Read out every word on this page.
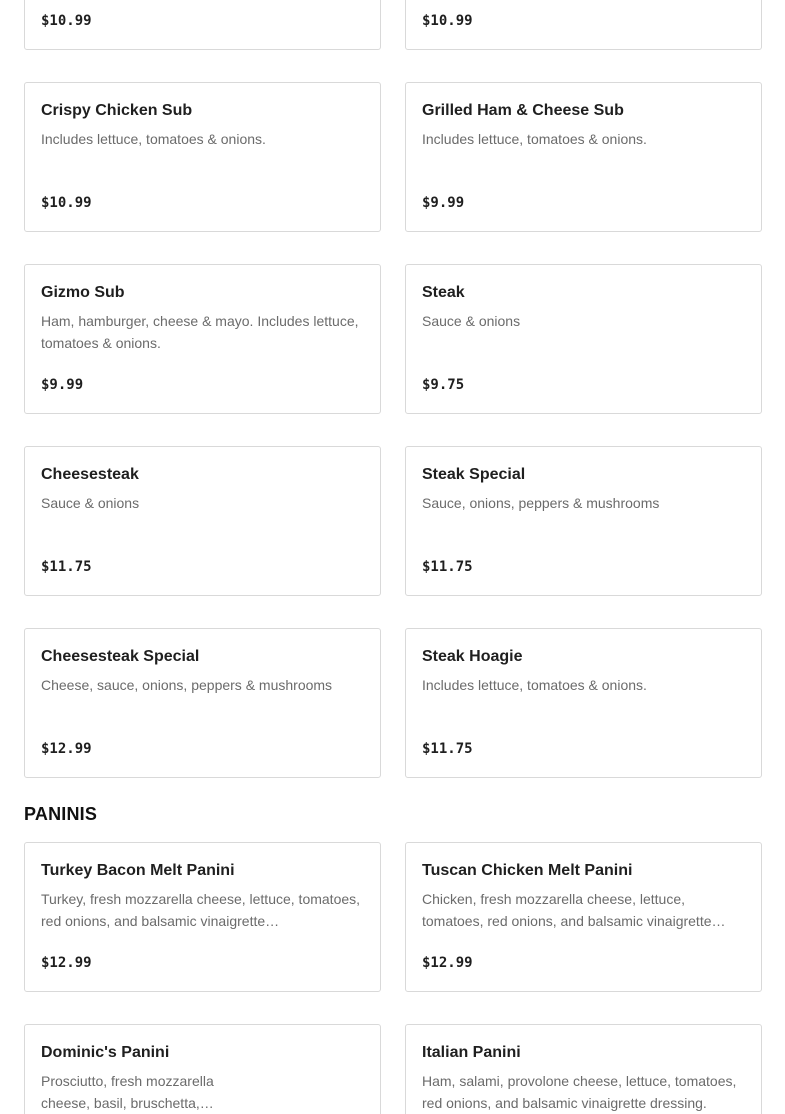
$10.99	$10.99
Crispy Chicken Sub
Includes lettuce, tomatoes & onions.
$10.99
Grilled Ham & Cheese Sub
Includes lettuce, tomatoes & onions.
$9.99
Gizmo Sub
Ham, hamburger, cheese & mayo. Includes lettuce, tomatoes & onions.
$9.99
Steak
Sauce & onions
$9.75
Cheesesteak
Sauce & onions
$11.75
Steak Special
Sauce, onions, peppers & mushrooms
$11.75
Cheesesteak Special
Cheese, sauce, onions, peppers & mushrooms
$12.99
Steak Hoagie
Includes lettuce, tomatoes & onions.
$11.75
PANINIS
Turkey Bacon Melt Panini
Turkey, fresh mozzarella cheese, lettuce, tomatoes, red onions, and balsamic vinaigrette…
$12.99
Tuscan Chicken Melt Panini
Chicken, fresh mozzarella cheese, lettuce, tomatoes, red onions, and balsamic vinaigrette…
$12.99
Dominic's Panini
Prosciutto, fresh mozzarella cheese, basil, bruschetta,…
Italian Panini
Ham, salami, provolone cheese, lettuce, tomatoes, red onions, and balsamic vinaigrette dressing.
